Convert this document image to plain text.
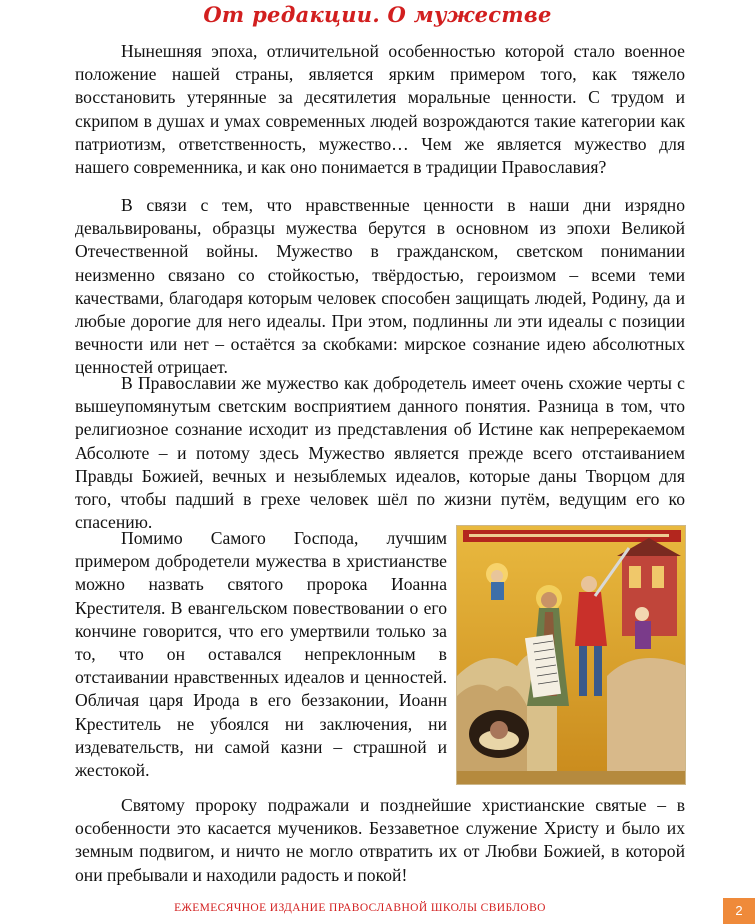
От редакции. О мужестве

Нынешняя эпоха, отличительной особенностью которой стало военное положение нашей страны, является ярким примером того, как тяжело восстановить утерянные за десятилетия моральные ценности. С трудом и скрипом в душах и умах современных людей возрождаются такие категории как патриотизм, ответственность, мужество… Чем же является мужество для нашего современника, и как оно понимается в традиции Православия?

В связи с тем, что нравственные ценности в наши дни изрядно девальвированы, образцы мужества берутся в основном из эпохи Великой Отечественной войны. Мужество в гражданском, светском понимании неизменно связано со стойкостью, твёрдостью, героизмом – всеми теми качествами, благодаря которым человек способен защищать людей, Родину, да и любые дорогие для него идеалы. При этом, подлинны ли эти идеалы с позиции вечности или нет – остаётся за скобками: мирское сознание идею абсолютных ценностей отрицает.

В Православии же мужество как добродетель имеет очень схожие черты с вышеупомянутым светским восприятием данного понятия. Разница в том, что религиозное сознание исходит из представления об Истине как непререкаемом Абсолюте – и потому здесь Мужество является прежде всего отстаиванием Правды Божией, вечных и незыблемых идеалов, которые даны Творцом для того, чтобы падший в грехе человек шёл по жизни путём, ведущим его ко спасению.

Помимо Самого Господа, лучшим примером добродетели мужества в христианстве можно назвать святого пророка Иоанна Крестителя. В евангельском повествовании о его кончине говорится, что его умертвили только за то, что он оставался непреклонным в отстаивании нравственных идеалов и ценностей. Обличая царя Ирода в его беззаконии, Иоанн Креститель не убоялся ни заключения, ни издевательств, ни самой казни – страшной и жестокой.

Святому пророку подражали и позднейшие христианские святые – в особенности это касается мучеников. Беззаветное служение Христу и было их земным подвигом, и ничто не могло отвратить их от Любви Божией, в которой они пребывали и находили радость и покой!

ЕЖЕМЕСЯЧНОЕ ИЗДАНИЕ ПРАВОСЛАВНОЙ ШКОЛЫ СВИБЛОВО	2
